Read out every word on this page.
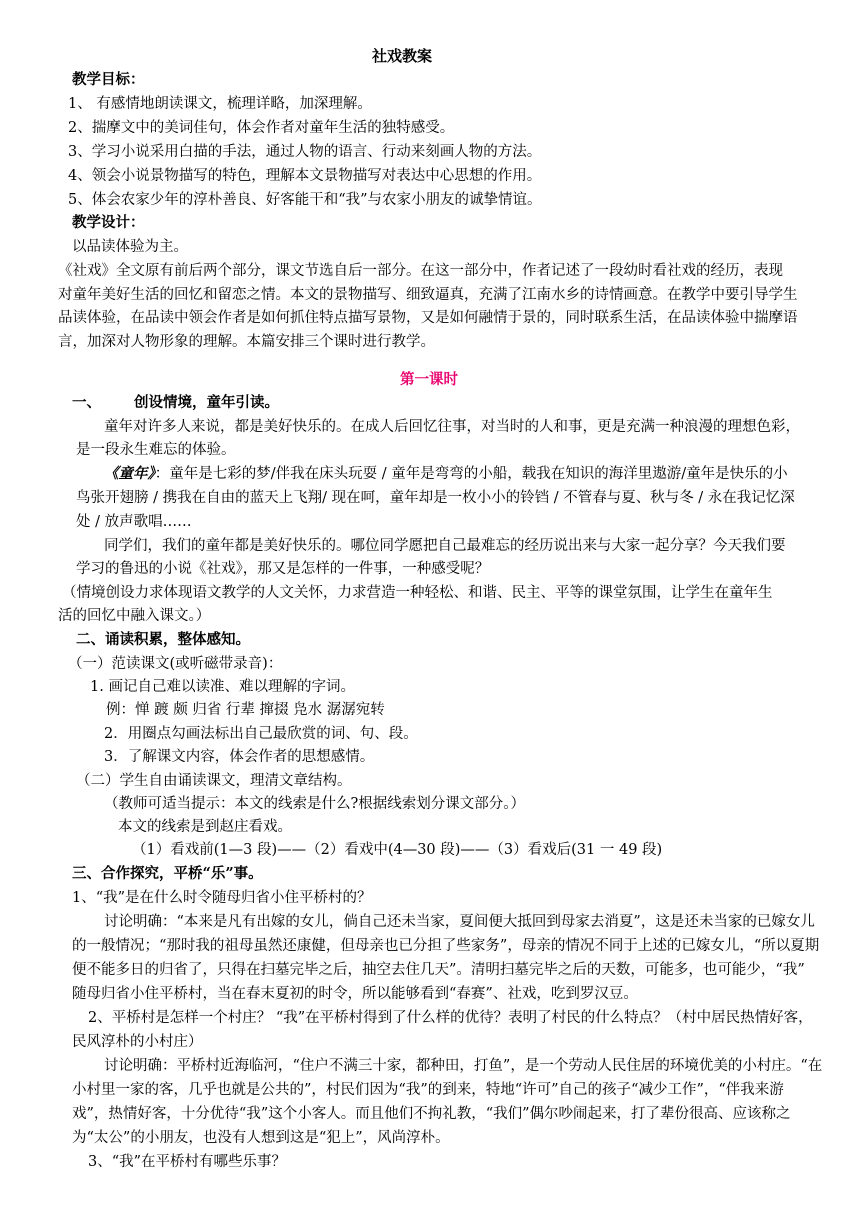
社戏教案
教学目标：
1、 有感情地朗读课文，梳理详略，加深理解。
2、揣摩文中的美词佳句，体会作者对童年生活的独特感受。
3、学习小说采用白描的手法，通过人物的语言、行动来刻画人物的方法。
4、领会小说景物描写的特色，理解本文景物描写对表达中心思想的作用。
5、体会农家少年的淳朴善良、好客能干和“我”与农家小朋友的诚挚情谊。
教学设计：
以品读体验为主。
《社戏》全文原有前后两个部分，课文节选自后一部分。在这一部分中，作者记述了一段幼时看社戏的经历，表现
对童年美好生活的回忆和留恋之情。本文的景物描写、细致逼真，充满了江南水乡的诗情画意。在教学中要引导学生
品读体验，在品读中领会作者是如何抓住特点描写景物，又是如何融情于景的，同时联系生活，在品读体验中揣摩语
言，加深对人物形象的理解。本篇安排三个课时进行教学。
第一课时
一、 创设情境，童年引读。
童年对许多人来说，都是美好快乐的。在成人后回忆往事，对当时的人和事，更是充满一种浪漫的理想色彩，
是一段永生难忘的体验。
《童年》：童年是七彩的梦/伴我在床头玩耍 / 童年是弯弯的小船，载我在知识的海洋里遨游/童年是快乐的小
鸟张开翅膀 / 携我在自由的蓝天上飞翔/ 现在呵，童年却是一枚小小的铃铛 / 不管春与夏、秋与冬 / 永在我记忆深
处 / 放声歌唱……
同学们，我们的童年都是美好快乐的。哪位同学愿把自己最难忘的经历说出来与大家一起分享？今天我们要
学习的鲁迅的小说《社戏》，那又是怎样的一件事，一种感受呢？
（情境创设力求体现语文教学的人文关怀，力求营造一种轻松、和谐、民主、平等的课堂氛围，让学生在童年生
活的回忆中融入课文。）
二、诵读积累，整体感知。
（一）范读课文(或听磁带录音)：
1. 画记自己难以读准、难以理解的字词。
例：惮 踱 颇 归省 行辈 撺掇 凫水 潺潺宛转
2．用圈点勾画法标出自己最欣赏的词、句、段。
3．了解课文内容，体会作者的思想感情。
（二）学生自由诵读课文，理清文章结构。
（教师可适当提示：本文的线索是什么?根据线索划分课文部分。）
本文的线索是到赵庄看戏。
（1）看戏前(1—3 段)——（2）看戏中(4—30 段)——（3）看戏后(31 一 49 段)
三、合作探究，平桥“乐”事。
1、“我”是在什么时令随母归省小住平桥村的？
讨论明确：“本来是凡有出嫁的女儿，倘自己还未当家，夏间便大抵回到母家去消夏”，这是还未当家的已嫁女儿
的一般情况；“那时我的祖母虽然还康健，但母亲也已分担了些家务”，母亲的情况不同于上述的已嫁女儿，“所以夏期
便不能多日的归省了，只得在扫墓完毕之后，抽空去住几天”。清明扫墓完毕之后的天数，可能多，也可能少，“我”
随母归省小住平桥村，当在春末夏初的时令，所以能够看到“春赛”、社戏，吃到罗汉豆。
2、平桥村是怎样一个村庄？ “我”在平桥村得到了什么样的优待？表明了村民的什么特点？（村中居民热情好客，
民风淳朴的小村庄）
讨论明确：平桥村近海临河，“住户不满三十家，都种田，打鱼”，是一个劳动人民住居的环境优美的小村庄。“在
小村里一家的客，几乎也就是公共的”，村民们因为“我”的到来，特地“许可”自己的孩子“减少工作”，“伴我来游
戏”，热情好客，十分优待“我”这个小客人。而且他们不拘礼教，“我们”偶尔吵闹起来，打了辈份很高、应该称之
为“太公”的小朋友，也没有人想到这是“犯上”，风尚淳朴。
3、“我”在平桥村有哪些乐事？
